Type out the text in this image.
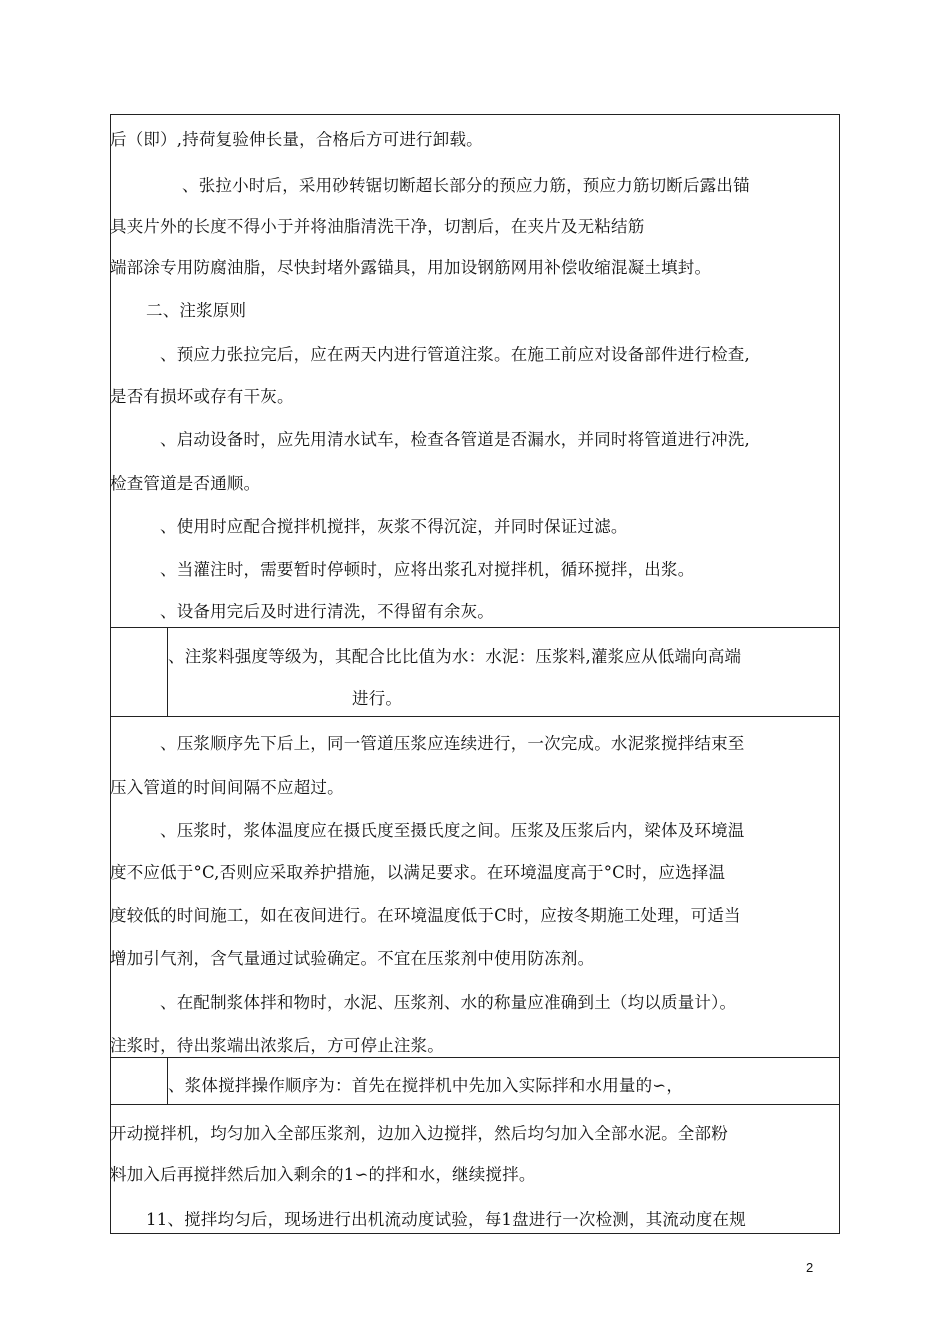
后（即）,持荷复验伸长量，合格后方可进行卸载。
、张拉小时后，采用砂转锯切断超长部分的预应力筋，预应力筋切断后露出锚
具夹片外的长度不得小于并将油脂清洗干净，切割后，在夹片及无粘结筋
端部涂专用防腐油脂，尽快封堵外露锚具，用加设钢筋网用补偿收缩混凝土填封。
二、注浆原则
、预应力张拉完后，应在两天内进行管道注浆。在施工前应对设备部件进行检查,
是否有损坏或存有干灰。
、启动设备时，应先用清水试车，检查各管道是否漏水，并同时将管道进行冲洗,
检查管道是否通顺。
、使用时应配合搅拌机搅拌，灰浆不得沉淀，并同时保证过滤。
、当灌注时，需要暂时停顿时，应将出浆孔对搅拌机，循环搅拌，出浆。
、设备用完后及时进行清洗，不得留有余灰。
、注浆料强度等级为，其配合比比值为水：水泥：压浆料,灌浆应从低端向高端
进行。
、压浆顺序先下后上，同一管道压浆应连续进行，一次完成。水泥浆搅拌结束至
压入管道的时间间隔不应超过。
、压浆时，浆体温度应在摄氏度至摄氏度之间。压浆及压浆后内，梁体及环境温
度不应低于°C,否则应采取养护措施，以满足要求。在环境温度高于°C时，应选择温
度较低的时间施工，如在夜间进行。在环境温度低于C时，应按冬期施工处理，可适当
增加引气剂，含气量通过试验确定。不宜在压浆剂中使用防冻剂。
、在配制浆体拌和物时，水泥、压浆剂、水的称量应准确到土（均以质量计）。
注浆时，待出浆端出浓浆后，方可停止注浆。
、浆体搅拌操作顺序为：首先在搅拌机中先加入实际拌和水用量的∽，
开动搅拌机，均匀加入全部压浆剂，边加入边搅拌，然后均匀加入全部水泥。全部粉
料加入后再搅拌然后加入剩余的1∽的拌和水，继续搅拌。
11、搅拌均匀后，现场进行出机流动度试验，每1盘进行一次检测，其流动度在规
2
